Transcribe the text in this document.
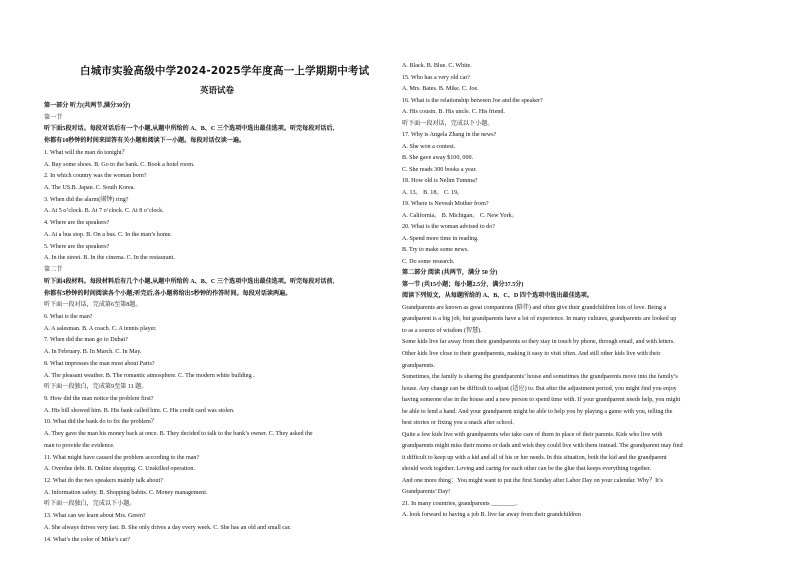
白城市实验高级中学2024-2025学年度高一上学期期中考试
英语试卷
第一部分 听力(共两节,满分30分)
第一节
听下面5段对话。每段对话后有一个小题,从题中所给的 A、B、C 三个选项中选出最佳选项。听完每段对话后,
你都有10秒钟的时间来回答有关小题和阅读下一小题。每段对话仅读一遍。
1. What will the man do tonight？
A. Buy some shoes. B. Go to the bank. C. Book a hotel room.
2. In which country was the woman born?
A. The US.B. Japan. C. South Korea.
3. When did the alarm(闹钟) ring?
A. At 5 o’clock. B. At 7 o’clock. C. At 8 o’clock.
4. Where are the speakers?
A. At a bus stop. B. On a bus. C. In the man’s home.
5. Where are the speakers?
A. In the street. B. In the cinema. C. In the restaurant.
第二节
听下面4段材料。每段材料后有几个小题,从题中所给的 A、B、C 三个选项中选出最佳选项。听完每段对话前,
你都有5秒钟的时间阅读各个小题;听完后,各小题将给出5秒钟的作答时间。每段对话读两遍。
听下面一段对话，完成第6至第8题。
6. What is the man?
A. A salesman. B. A coach. C. A tennis player.
7. When did the man go to Dubai?
A. In February. B. In March. C. In May.
8. What impresses the man most about Paris?
A. The pleasant weather. B. The romantic atmosphere. C. The modern white building .
听下面一段独白，完成第9至第 11 题。
9. How did the man notice the problem first?
A. His bill showed him. B. His bank called him. C. His credit card was stolen.
10. What did the bank do to fix the problem？
A. They gave the man his money back at once. B. They decided to talk to the bank’s owner. C. They asked the
man to provide the evidence.
11. What might have caused the problem according to the man?
A. Overdue debt. B. Online shopping. C. Unskilled operation.
12. What do the two speakers mainly talk about?
A. Information safety. B. Shopping habits. C. Money management.
听下面一段独白，完成以下小题。
13. What can we learn about Mrs. Green?
A. She always drives very fast. B. She only drives a day every week. C. She has an old and small car.
14. What’s the color of Mike’s car?
A. Black. B. Blue. C. White.
15. Who has a very old car?
A. Mrs. Bates. B. Mike. C. Joe.
16. What is the relationship between Joe and the speaker?
A. His cousin. B. His uncle. C. His friend.
听下面一段对话，完成以下小题。
17. Why is Angela Zhang in the news?
A. She won a contest.
B. She gave away $100, 000.
C. She reads 300 books a year.
18. How old is Nelim Tumma?
A. 13。 B. 18。 C. 19。
19. Where is Neveah Mother from?
A. California。 B. Michigan。 C. New York。
20. What is the woman advised to do?
A. Spend more time in reading.
B. Try to make some news.
C. Do some research.
第二部分 阅读 (共两节，满分 50 分)
第一节 (共15小题；每小题2.5分，满分37.5分)
阅读下列短文，从每题所给的 A、B、C、D 四个选项中选出最佳选项。
Grandparents are known as great companions (陪伴) and often give their grandchildren lots of love. Being a
grandparent is a big job, but grandparents have a lot of experience. In many cultures, grandparents are looked up
to as a source of wisdom (智慧).
Some kids live far away from their grandparents so they stay in touch by phone, through email, and with letters.
Other kids live close to their grandparents, making it easy to visit often. And still other kids live with their
grandparents.
Sometimes, the family is sharing the grandparents’ house and sometimes the grandparents move into the family’s
house. Any change can be difficult to adjust (适应) to. But after the adjustment period, you might find you enjoy
having someone else in the house and a new person to spend time with. If your grandparent needs help, you might
be able to lend a hand. And your grandparent might be able to help you by playing a game with you, telling the
best stories or fixing you a snack after school.
Quite a few kids live with grandparents who take care of them in place of their parents. Kids who live with
grandparents might miss their moms or dads and wish they could live with them instead. The grandparent may find
it difficult to keep up with a kid and all of his or her needs. In this situation, both the kid and the grandparent
should work together. Loving and caring for each other can be the glue that keeps everything together.
And one more thing：You might want to put the first Sunday after Labor Day on your calendar. Why？It’s
Grandparents’ Day!
21. In many countries, grandparents ________.
A. look forward to having a job B. live far away from their grandchildren
